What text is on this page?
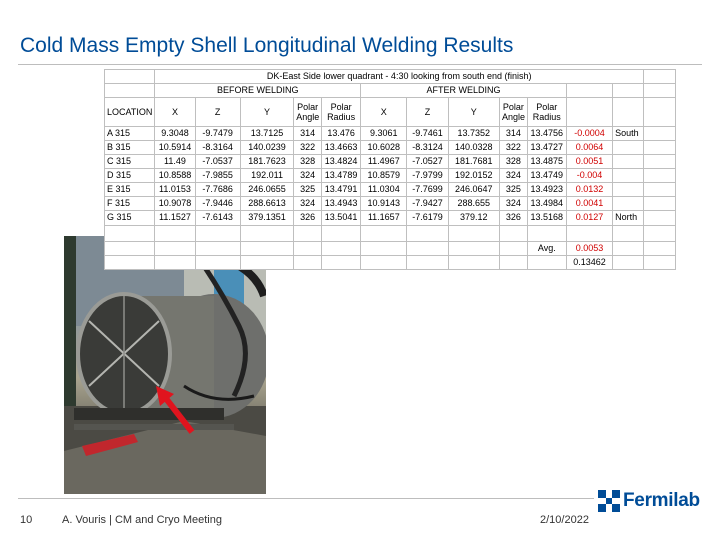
Cold Mass Empty Shell Longitudinal Welding Results
	DK-East Side lower quadrant - 4:30 looking from south end (finish)												
	BEFORE WELDING					AFTER WELDING							
LOCATION	X	Z	Y	Polar Angle	Polar Radius	X	Z	Y	Polar Angle	Polar Radius			
A 315	9.3048	-9.7479	13.7125	314	13.476	9.3061	-9.7461	13.7352	314	13.4756	-0.0004	South	
B 315	10.5914	-8.3164	140.0239	322	13.4663	10.6028	-8.3124	140.0328	322	13.4727	0.0064		
C 315	11.49	-7.0537	181.7623	328	13.4824	11.4967	-7.0527	181.7681	328	13.4875	0.0051		
D 315	10.8588	-7.9855	192.011	324	13.4789	10.8579	-7.9799	192.0152	324	13.4749	-0.004		
E 315	11.0153	-7.7686	246.0655	325	13.4791	11.0304	-7.7699	246.0647	325	13.4923	0.0132		
F 315	10.9078	-7.9446	288.6613	324	13.4943	10.9143	-7.9427	288.655	324	13.4984	0.0041		
G 315	11.1527	-7.6143	379.1351	326	13.5041	11.1657	-7.6179	379.12	326	13.5168	0.0127	North	

										Avg.	0.0053		
											0.13462		
10	A. Vouris | CM and Cryo Meeting	2/10/2022
Fermilab
